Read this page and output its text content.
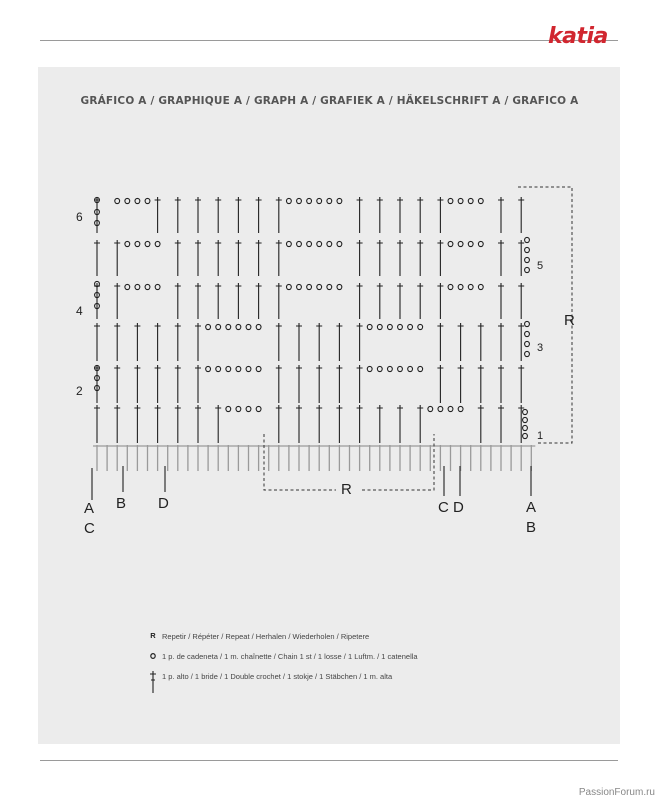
katia
GRÁFICO A / GRAPHIQUE A / GRAPH A / GRAFIEK A / HÄKELSCHRIFT A / GRAFICO A
1
2
3
4
5
6
R
R
A
C
B D	C D	A
B
R Repetir / Répéter / Repeat / Herhalen / Wiederholen / Ripetere
1 p. de cadeneta / 1 m. chaînette / Chain 1 st / 1 losse / 1 Luftm. / 1 catenella
1 p. alto / 1 bride / 1 Double crochet / 1 stokje / 1 Stäbchen / 1 m. alta
PassionForum.ru
